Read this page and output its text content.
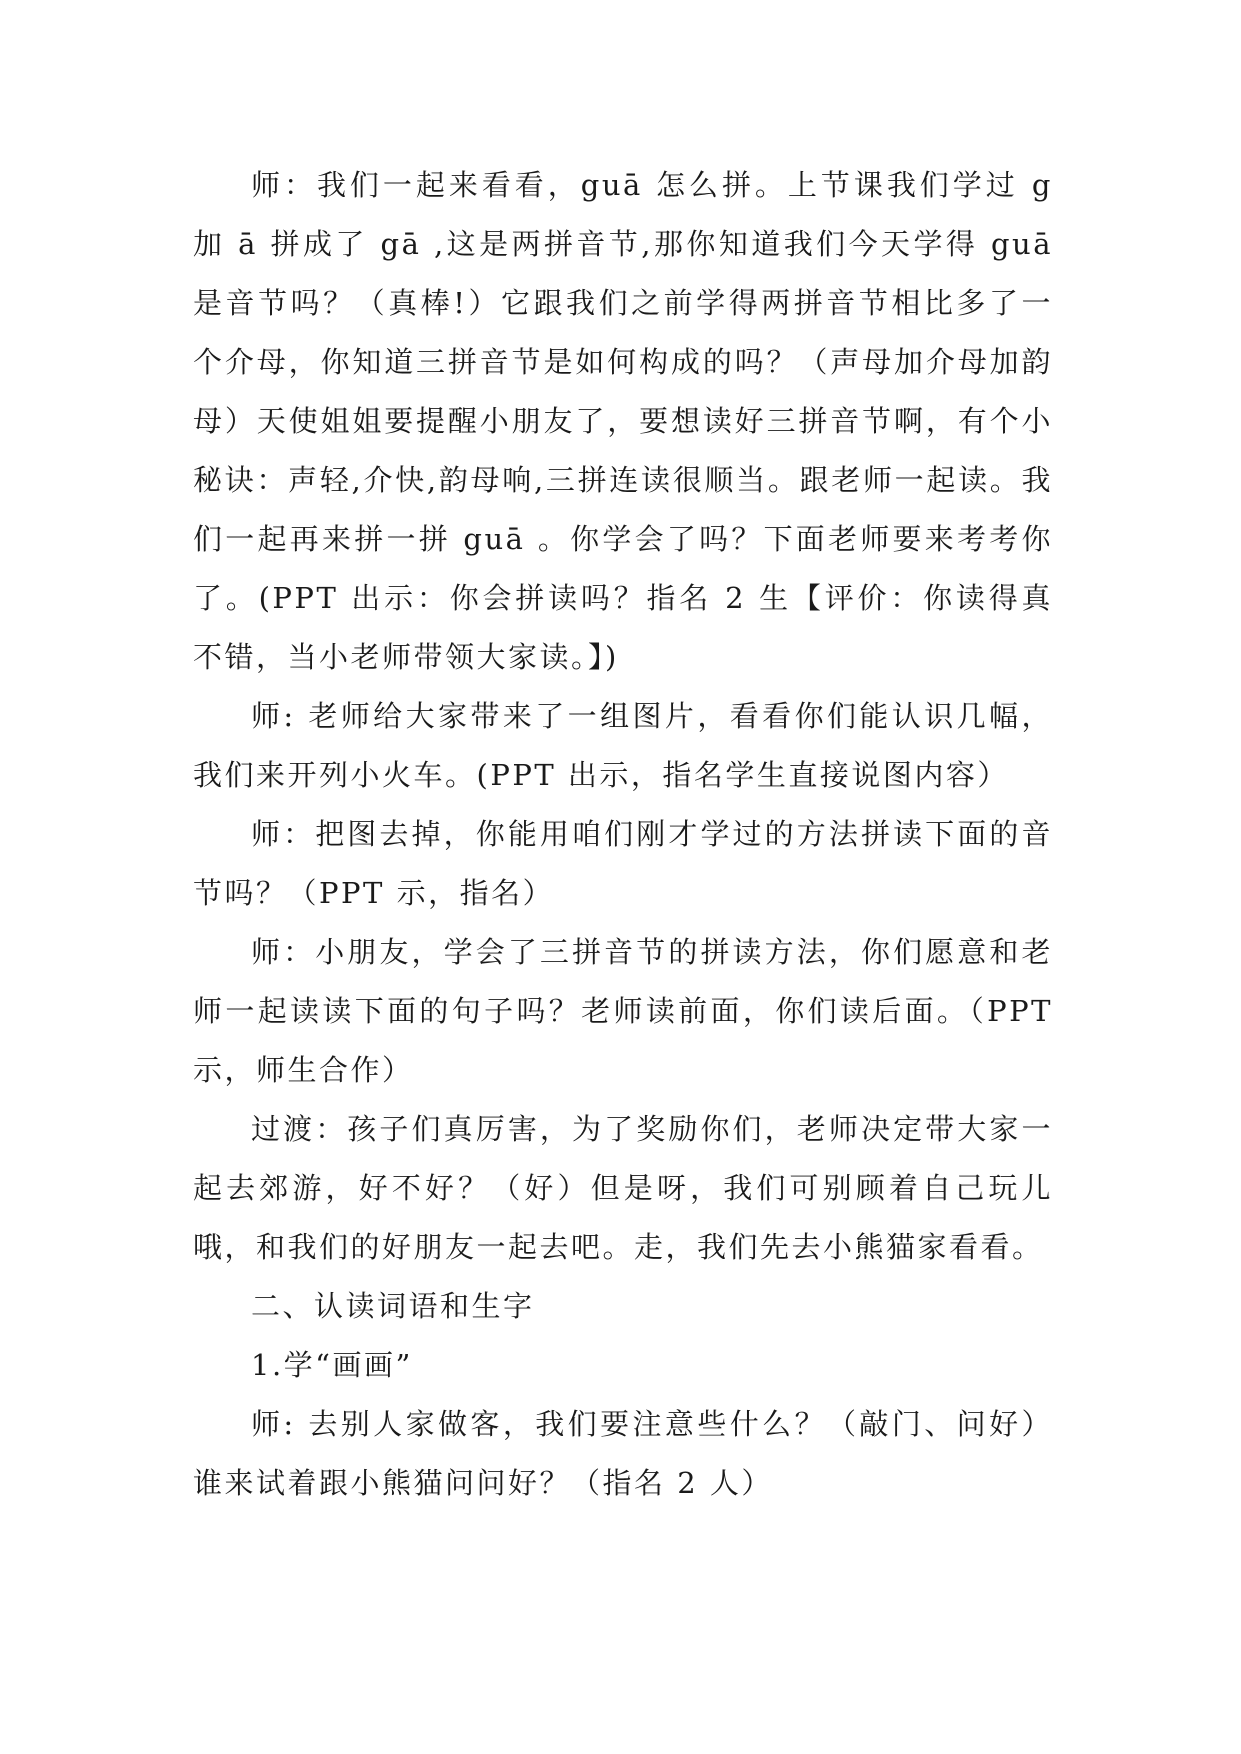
师：我们一起来看看，guā 怎么拼。上节课我们学过 g 加 ā 拼成了 gā ,这是两拼音节,那你知道我们今天学得 guā 是音节吗？（真棒!）它跟我们之前学得两拼音节相比多了一个介母，你知道三拼音节是如何构成的吗？（声母加介母加韵母）天使姐姐要提醒小朋友了，要想读好三拼音节啊，有个小秘诀：声轻,介快,韵母响,三拼连读很顺当。跟老师一起读。我们一起再来拼一拼 guā 。你学会了吗？下面老师要来考考你了。(PPT 出示：你会拼读吗？指名 2 生【评价：你读得真不错，当小老师带领大家读。】)

师: 老师给大家带来了一组图片，看看你们能认识几幅，我们来开列小火车。(PPT 出示，指名学生直接说图内容）

师：把图去掉，你能用咱们刚才学过的方法拼读下面的音节吗？（PPT 示，指名）

师：小朋友，学会了三拼音节的拼读方法，你们愿意和老师一起读读下面的句子吗？老师读前面，你们读后面。（PPT 示，师生合作）

过渡：孩子们真厉害，为了奖励你们，老师决定带大家一起去郊游，好不好？（好）但是呀，我们可别顾着自己玩儿哦，和我们的好朋友一起去吧。走，我们先去小熊猫家看看。

二、认读词语和生字

1.学“画画”

师: 去别人家做客，我们要注意些什么？（敲门、问好）谁来试着跟小熊猫问问好？（指名 2 人）
